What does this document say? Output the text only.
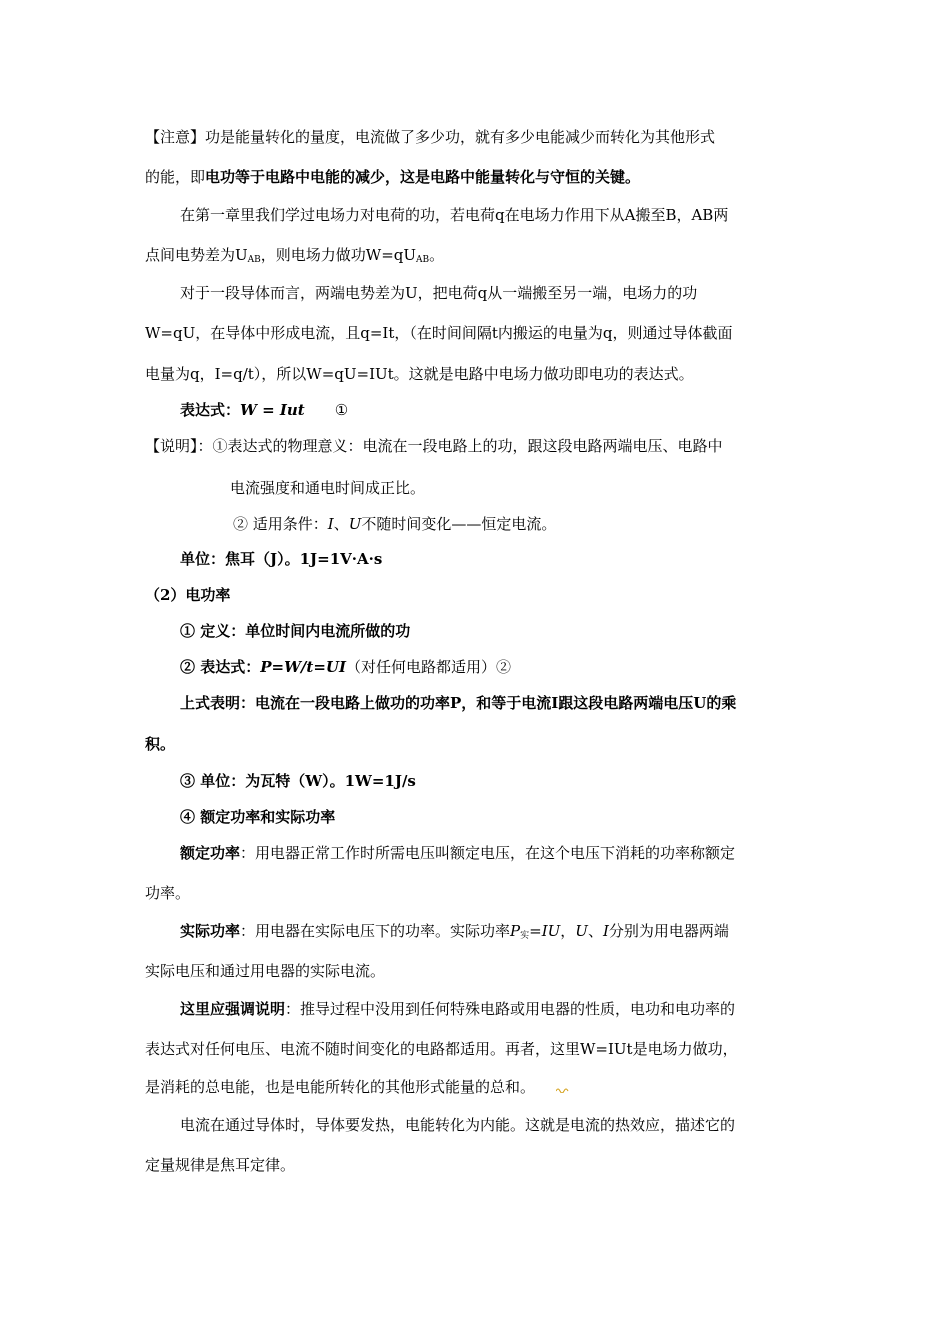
【注意】功是能量转化的量度，电流做了多少功，就有多少电能减少而转化为其他形式
的能，即电功等于电路中电能的减少，这是电路中能量转化与守恒的关键。
在第一章里我们学过电场力对电荷的功，若电荷q在电场力作用下从A搬至B，AB两
点间电势差为$U_{AB}$，则电场力做功$W=qU_{AB}$。
对于一段导体而言，两端电势差为U，把电荷q从一端搬至另一端，电场力的功
W=qU，在导体中形成电流，且q=It，（在时间间隔t内搬运的电量为q，则通过导体截面
电量为q，I=q/t），所以W=qU=IUt。这就是电路中电场力做功即电功的表达式。
表达式：W = Iut ①
【说明】：①表达式的物理意义：电流在一段电路上的功，跟这段电路两端电压、电路中
电流强度和通电时间成正比。
② 适用条件：I、U不随时间变化——恒定电流。
单位：焦耳（J）。1J=1V·A·s
（2）电功率
① 定义：单位时间内电流所做的功
② 表达式：P=W/t=UI（对任何电路都适用）②
上式表明：电流在一段电路上做功的功率P，和等于电流I跟这段电路两端电压U的乘
积。
③ 单位：为瓦特（W）。1W=1J/s
④ 额定功率和实际功率
额定功率：用电器正常工作时所需电压叫额定电压，在这个电压下消耗的功率称额定
功率。
实际功率：用电器在实际电压下的功率。实际功率$P_实=IU$，U、I分别为用电器两端
实际电压和通过用电器的实际电流。
这里应强调说明：推导过程中没用到任何特殊电路或用电器的性质，电功和电功率的
表达式对任何电压、电流不随时间变化的电路都适用。再者，这里W=IUt是电场力做功，
是消耗的总电能，也是电能所转化的其他形式能量的总和。
电流在通过导体时，导体要发热，电能转化为内能。这就是电流的热效应，描述它的
定量规律是焦耳定律。
